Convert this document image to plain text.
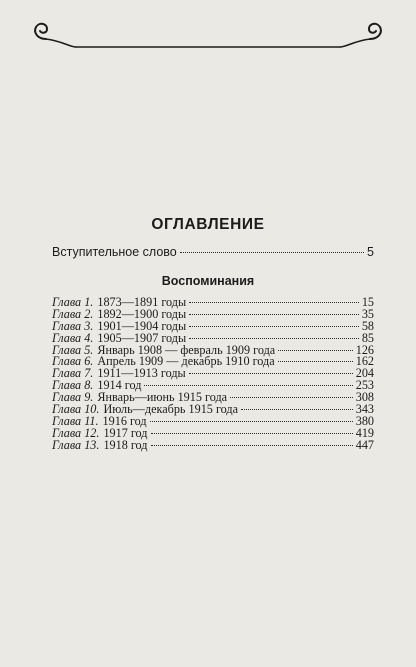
ОГЛАВЛЕНИЕ
Вступительное слово	5
Воспоминания
Глава 1. 1873—1891 годы	15
Глава 2. 1892—1900 годы	35
Глава 3. 1901—1904 годы	58
Глава 4. 1905—1907 годы	85
Глава 5. Январь 1908 — февраль 1909 года	126
Глава 6. Апрель 1909 — декабрь 1910 года	162
Глава 7. 1911—1913 годы	204
Глава 8. 1914 год	253
Глава 9. Январь—июнь 1915 года	308
Глава 10. Июль—декабрь 1915 года	343
Глава 11. 1916 год	380
Глава 12. 1917 год	419
Глава 13. 1918 год	447
